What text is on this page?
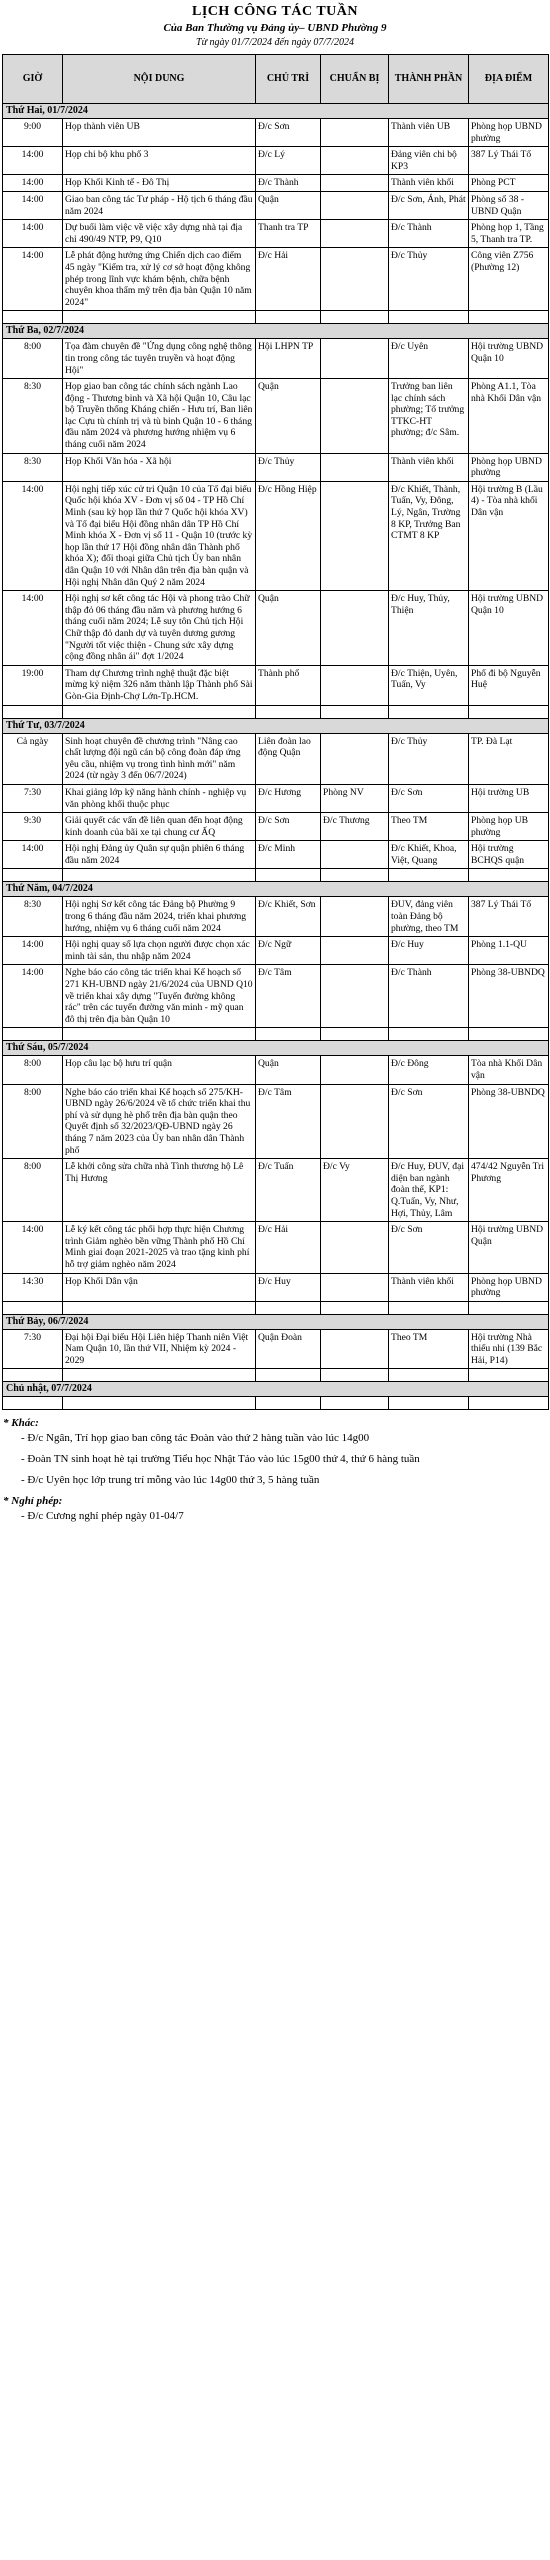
LỊCH CÔNG TÁC TUẦN
Của Ban Thường vụ Đảng ủy– UBND Phường 9
Từ ngày 01/7/2024 đến ngày 07/7/2024
GIỜ	NỘI DUNG	CHỦ TRÌ	CHUẨN BỊ	THÀNH PHẦN	ĐỊA ĐIỂM
Thứ Hai, 01/7/2024					
9:00	Họp thành viên UB	Đ/c Sơn		Thành viên UB	Phòng họp UBND phường
14:00	Họp chi bộ khu phố 3	Đ/c Lý		Đảng viên chi bộ KP3	387 Lý Thái Tổ
14:00	Họp Khối Kinh tế - Đô Thị	Đ/c Thành		Thành viên khối	Phòng PCT
14:00	Giao ban công tác Tư pháp - Hộ tịch 6 tháng đầu năm 2024	Quận		Đ/c Sơn, Ánh, Phát	Phòng số 38 - UBND Quận
14:00	Dự buổi làm việc về việc xây dựng nhà tại địa chỉ 490/49 NTP, P9, Q10	Thanh tra TP		Đ/c Thành	Phòng họp 1, Tầng 5, Thanh tra TP.
14:00	Lễ phát động hưởng ứng Chiến dịch cao điểm 45 ngày "Kiểm tra, xử lý cơ sở hoạt động không phép trong lĩnh vực khám bệnh, chữa bệnh chuyên khoa thẩm mỹ trên địa bàn Quận 10 năm 2024"	Đ/c Hải		Đ/c Thủy	Công viên Z756 (Phường 12)

Thứ Ba, 02/7/2024					
8:00	Tọa đàm chuyên đề "Ứng dụng công nghệ thông tin trong công tác tuyên truyền và hoạt động Hội"	Hội LHPN TP		Đ/c Uyên	Hội trường UBND Quận 10
8:30	Họp giao ban công tác chính sách ngành Lao động - Thương binh và Xã hội Quận 10, Câu lạc bộ Truyền thống Kháng chiến - Hưu trí, Ban liên lạc Cựu tù chính trị và tù binh Quận 10 - 6 tháng đầu năm 2024 và phương hướng nhiệm vụ 6 tháng cuối năm 2024	Quận		Trưởng ban liên lạc chính sách phường; Tổ trưởng TTKC-HT phường; đ/c Sâm.	Phòng A1.1, Tòa nhà Khối Dân vận
8:30	Họp Khối Văn hóa - Xã hội	Đ/c Thủy		Thành viên khối	Phòng họp UBND phường
14:00	Hội nghị tiếp xúc cử tri Quận 10 của Tổ đại biểu Quốc hội khóa XV - Đơn vị số 04 - TP Hồ Chí Minh (sau kỳ họp lần thứ 7 Quốc hội khóa XV) và Tổ đại biểu Hội đồng nhân dân TP Hồ Chí Minh khóa X - Đơn vị số 11 - Quận 10 (trước kỳ họp lần thứ 17 Hội đồng nhân dân Thành phố khóa X); đối thoại giữa Chủ tịch Ủy ban nhân dân Quận 10 với Nhân dân trên địa bàn quận và Hội nghị Nhân dân Quý 2 năm 2024	Đ/c Hồng Hiệp		Đ/c Khiết, Thành, Tuấn, Vy, Đông, Lý, Ngân, Trường 8 KP, Trưởng Ban CTMT 8 KP	Hội trường B (Lầu 4) - Tòa nhà khối Dân vận
14:00	Hội nghị sơ kết công tác Hội và phong trào Chữ thập đỏ 06 tháng đầu năm và phương hướng 6 tháng cuối năm 2024; Lễ suy tôn Chủ tịch Hội Chữ thập đỏ danh dự và tuyên dương gương "Người tốt việc thiện - Chung sức xây dựng cộng đồng nhân ái" đợt 1/2024	Quận		Đ/c Huy, Thủy, Thiện	Hội trường UBND Quận 10
19:00	Tham dự Chương trình nghệ thuật đặc biệt mừng kỷ niệm 326 năm thành lập Thành phố Sài Gòn-Gia Định-Chợ Lớn-Tp.HCM.	Thành phố		Đ/c Thiện, Uyên, Tuấn, Vy	Phố đi bộ Nguyễn Huệ

Thứ Tư, 03/7/2024					
Cả ngày	Sinh hoạt chuyên đề chương trình "Nâng cao chất lượng đội ngũ cán bộ công đoàn đáp ứng yêu cầu, nhiệm vụ trong tình hình mới" năm 2024 (từ ngày 3 đến 06/7/2024)	Liên đoàn lao động Quận		Đ/c Thủy	TP. Đà Lạt
7:30	Khai giảng lớp kỹ năng hành chính - nghiệp vụ văn phòng khối thuộc phục	Đ/c Hương	Phòng NV	Đ/c Sơn	Hội trường UB
9:30	Giải quyết các vấn đề liên quan đến hoạt động kinh doanh của bãi xe tại chung cư ẤQ	Đ/c Sơn	Đ/c Thương	Theo TM	Phòng họp UB phường
14:00	Hội nghị Đảng ủy Quân sự quận phiên 6 tháng đầu năm 2024	Đ/c Minh		Đ/c Khiết, Khoa, Việt, Quang	Hội trường BCHQS quận

Thứ Năm, 04/7/2024					
8:30	Hội nghị Sơ kết công tác Đảng bộ Phường 9 trong 6 tháng đầu năm 2024, triển khai phương hướng, nhiệm vụ 6 tháng cuối năm 2024	Đ/c Khiết, Sơn		ĐUV, đảng viên toàn Đảng bộ phường, theo TM	387 Lý Thái Tổ
14:00	Hội nghị quay số lựa chọn người được chọn xác minh tài sản, thu nhập năm 2024	Đ/c Ngữ		Đ/c Huy	Phòng 1.1-QU
14:00	Nghe báo cáo công tác triển khai Kế hoạch số 271 KH-UBND ngày 21/6/2024 của UBND Q10 về triển khai xây dựng "Tuyến đường không rác" trên các tuyến đường văn minh - mỹ quan đô thị trên địa bàn Quận 10	Đ/c Tâm		Đ/c Thành	Phòng 38-UBNDQ

Thứ Sáu, 05/7/2024					
8:00	Họp câu lạc bộ hưu trí quận	Quận		Đ/c Đông	Tòa nhà Khối Dân vận
8:00	Nghe báo cáo triển khai Kế hoạch số 275/KH-UBND ngày 26/6/2024 về tổ chức triển khai thu phí và sử dụng hè phố trên địa bàn quận theo Quyết định số 32/2023/QĐ-UBND ngày 26 tháng 7 năm 2023 của Ủy ban nhân dân Thành phố	Đ/c Tâm		Đ/c Sơn	Phòng 38-UBNDQ
8:00	Lễ khởi công sửa chữa nhà Tình thương hộ Lê Thị Hương	Đ/c Tuấn	Đ/c Vy	Đ/c Huy, ĐUV, đại diện ban ngành đoàn thể, KP1: Q.Tuấn, Vy, Như, Hợi, Thủy, Lâm	474/42 Nguyễn Tri Phương
14:00	Lễ ký kết công tác phối hợp thực hiện Chương trình Giảm nghèo bền vững Thành phố Hồ Chí Minh giai đoạn 2021-2025 và trao tặng kinh phí hỗ trợ giảm nghèo năm 2024	Đ/c Hải		Đ/c Sơn	Hội trường UBND Quận
14:30	Họp Khối Dân vận	Đ/c Huy		Thành viên khối	Phòng họp UBND phường

Thứ Bảy, 06/7/2024					
7:30	Đại hội Đại biểu Hội Liên hiệp Thanh niên Việt Nam Quận 10, lần thứ VII, Nhiệm kỳ 2024 - 2029	Quận Đoàn		Theo TM	Hội trường Nhà thiếu nhi (139 Bắc Hải, P14)

Chủ nhật, 07/7/2024					

* Khác:
- Đ/c Ngân, Trí họp giao ban công tác Đoàn vào thứ 2 hàng tuần vào lúc 14g00
- Đoàn TN sinh hoạt hè tại trường Tiểu học Nhật Tảo vào lúc 15g00 thứ 4, thứ 6 hàng tuần
- Đ/c Uyên học lớp trung trí mỗng vào lúc 14g00 thứ 3, 5 hàng tuần
* Nghỉ phép:
- Đ/c Cương nghỉ phép ngày 01-04/7
